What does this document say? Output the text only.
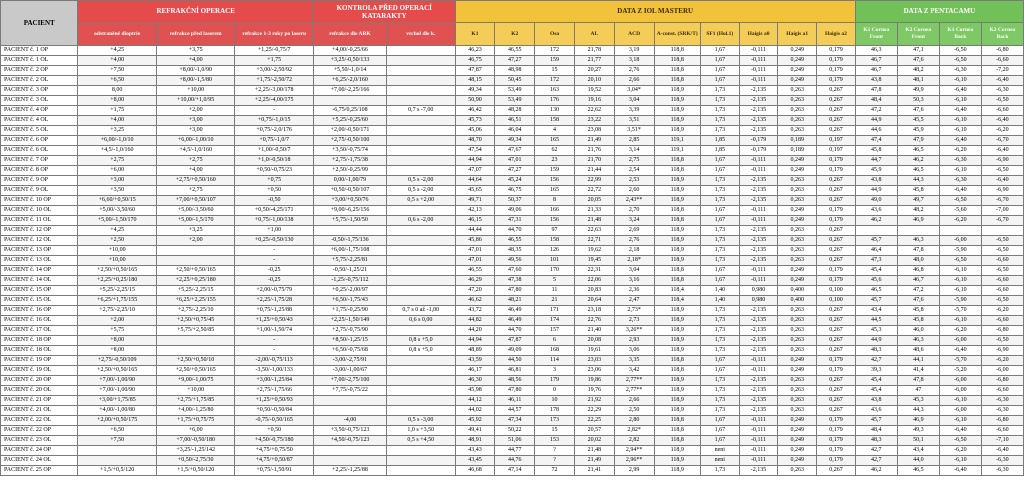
PACIENT	REFRAKČNÍ OPERACE			KONTROLA PŘED OPERACÍ KATARAKTY		DATA Z IOL MASTERU										DATA Z PENTACAMU			
	odstraněné dioptrie	refrakce před laserem	refrakce 1-3 roky po laseru	refrakce dle ARK	vrchol dle k.	K1	K2	Osa	AL	ACD	A-const. (SRK/T)	SF1 (Hol.1)	Haigis a0	Haigis a1	Haigis a2	K1 Cornea Front	K2 Cornea Front	K1 Cornea Back	K2 Cornea Back
PACIENT č. 1 OP	+4,25	+3,75	+1,25/-0,75/7	+4,00/-0,25/66		46,23	46,55	172	21,78	3,19	118,8	1,67	-0,111	0,249	0,179	46,3	47,1	-6,50	-6,80
PACIENT č. 1 OL	+4,00	+4,00	+1,75	+3,25/-0,50/133		46,75	47,27	159	21,77	3,18	118,8	1,67	-0,111	0,249	0,179	46,7	47,6	-6,50	-6,60
PACIENT č. 2 OP	+7,50	+8,00/-1,0/90	+3,00/-2,50/92	+5,50/-1,0/14		47,87	48,98	15	20,27	2,76	118,8	1,67	-0,111	0,249	0,179	46,7	48,2	-6,30	-7,20
PACIENT č. 2 OL	+6,50	+8,00/-1,5/80	+1,75/-2,50/72	+6,25/-2,0/160		48,15	50,45	172	20,10	2,66	118,8	1,67	-0,111	0,249	0,179	43,8	48,1	-6,10	-6,40
PACIENT č. 3 OP	8,00	+10,00	+2,25/-3,00/178	+7,00/-2,25/166		49,34	53,49	163	19,52	3,04*	118,9	1,73	-2,135	0,263	0,267	47,8	49,9	-6,40	-6,30
PACIENT č. 3 OL	+8,00	+10,00/+1,0/95	+2,25/-4,00/175			50,90	53,49	176	19,16	3,04	118,9	1,73	-2,135	0,263	0,267	48,4	50,3	-6,10	-6,50
PACIENT č. 4 OP	+1,75	+2,00	-	-6,75/0,25/108	0,7 s -7,00	46,42	48,28	130	22,62	3,39	118,9	1,73	-2,135	0,263	0,267	47,2	47,6	-6,40	-6,60
PACIENT č. 4 OL	+4,00	+3,00	+0,75/-1,0/15	+5,25/-0,25/60		45,73	46,51	158	23,22	3,51	118,9	1,73	-2,135	0,263	0,267	44,9	45,5	-6,10	-6,40
PACIENT č. 5 OL	+3,25	+3,00	+0,75/-2,0/176	+2,00/-0,50/171		45,06	46,04	4	23,08	3,51*	118,9	1,73	-2,135	0,263	0,267	44,6	45,9	-6,10	-6,20
PACIENT č. 6 OP	+6,00/-1,0/10	+6,00/-1,00/10	+0,75/-1,0/7	+2,75/-0,50/100		48,70	49,34	165	21,49	2,85	119,1	1,85	-0,179	0,189	0,197	47,4	47,9	-6,40	-6,70
PACIENT č. 6 OL	+4,5/-1,0/160	+4,5/-1,0/160	+1,00/-0,50/7	+3,50/-0,75/74		47,54	47,67	62	21,76	3,14	119,1	1,85	-0,179	0,189	0,197	45,8	46,5	-6,20	-6,40
PACIENT č. 7 OP	+2,75	+2,75	+1,0/-0,50/18	+2,75/-1,75/38		44,94	47,01	23	21,70	2,75	118,8	1,67	-0,111	0,249	0,179	44,7	46,2	-6,30	-6,90
PACIENT č. 8 OP	+6,00	+4,00	+0,50/-0,75/23	+2,50/-0,25/99		47,07	47,27	159	21,44	2,54	118,8	1,67	-0,111	0,249	0,179	45,9	46,5	-6,10	-6,50
PACIENT č. 9 OP	+3,00	+2,75/+0,50/160	+0,75	0,00/-1,00/79	0,5 s -2,00	44,64	45,24	156	22,99	2,53	118,9	1,73	-2,135	0,263	0,267	43,8	44,3	-6,30	-6,40
PACIENT č. 9 OL	+3,50	+2,75	+0,50	+0,50/-0,50/107	0,5 s -2,00	45,65	46,75	165	22,72	2,60	118,9	1,73	-2,135	0,263	0,267	44,9	45,8	-6,40	-6,90
PACIENT č. 10 OP	+6,60/+0,50/15	+7,00/+0,50/107	-0,50	+3,00/+0,50/76	0,5 s +2,00	49,71	50,37	8	20,05	2,43**	118,9	1,73	-2,135	0,263	0,267	49,0	49,7	-6,50	-6,70
PACIENT č. 10 OL	+5,00/-3,50/60	+5,00/-3,50/60	+0,50/-4,25/171	+9,00/-6,25/156		42,13	49,06	166	21,33	2,70	118,8	1,67	-0,111	0,249	0,179	43,6	48,2	-5,60	-7,00
PACIENT č. 11 OL	+5,00/-1,50/170	+5,00/-1,5/170	+0,75/-1,00/138	+5,75/-1,50/50	0,6 s -2,00	46,15	47,31	156	21,48	3,24	118,8	1,67	-0,111	0,249	0,179	46,2	46,9	-6,20	-6,70
PACIENT č. 12 OP	+4,25	+3,25	+1,00			44,44	44,70	97	22,63	2,69	118,9	1,73	-2,135	0,263	0,267				
PACIENT č. 12 OL	+2,50	+2,00	+0,25/-0,50/130	-0,50/-1,75/136		45,86	46,55	158	22,71	2,76	118,9	1,73	-2,135	0,263	0,267	45,7	46,3	-6,00	-6,50
PACIENT č. 13 OP	+10,00		-	+6,00/-1,75/108		47,01	48,35	126	19,62	2,18	118,9	1,73	-2,135	0,263	0,267	46,4	47,8	-5,90	-6,50
PACIENT č. 13 OL	+10,00		-	+5,75/-2,25/81		47,01	49,56	101	19,45	2,18*	118,9	1,73	-2,135	0,263	0,267	47,3	48,0	-6,50	-6,60
PACIENT č. 14 OP	+2,50/+0,50/165	+2,50/+0,50/165	-0,25	-0,50/-1,25/21		46,55	47,60	170	22,31	3,04	118,8	1,67	-0,111	0,249	0,179	45,4	46,8	-6,10	-6,50
PACIENT č. 14 OL	+2,25/+0,25/180	+2,25/+0,25/180	-0,25	-1,25/-0,75/112		46,29	47,38	5	22,06	3,16	118,8	1,67	-0,111	0,249	0,179	45,6	46,7	-6,10	-6,60
PACIENT č. 15 OP	+5,25/-2,25/15	+5,25/-2,25/15	+2,00/-0,75/79	+0,25/-2,00/97		47,20	47,80	11	20,83	2,36	118,4	1,40	0,980	0,400	0,100	46,5	47,2	-6,10	-6,60
PACIENT č. 15 OL	+6,25/+1,75/155	+6,25/+2,25/155	+2,25/-1,75/28	+6,50/-1,75/43		46,62	48,21	21	20,64	2,47	118,4	1,40	0,980	0,400	0,100	45,7	47,6	-5,90	-6,50
PACIENT č. 16 OP	+2,75/-2,25/10	+2,75/-2,25/10	+0,75/-1,25/88	+1,75/-0,25/90	0,7 s 0 až -1,00	43,72	46,49	171	23,18	2,73*	118,9	1,73	-2,135	0,263	0,267	43,4	45,8	-5,70	-6,20
PACIENT č. 16 OL	+2,00	+2,50/+0,75/45	+1,25/+0,50/43	+2,25/-1,50/149	0,6 s 0,00	44,82	46,49	174	22,76	2,73	118,9	1,73	-2,135	0,263	0,267	44,5	45,8	-6,10	-6,60
PACIENT č. 17 OL	+5,75	+5,75/+2,50/85	+1,00/-1,50/74	+2,75/-0,75/90		44,20	44,70	157	21,40	3,26**	118,9	1,73	-2,135	0,263	0,267	45,3	46,0	-6,20	-6,80
PACIENT č. 18 OP	+8,00		-	+8,50/-1,25/15	0,8 s +5,0	44,94	47,87	6	20,08	2,93	118,9	1,73	-2,135	0,263	0,267	44,9	46,3	-6,00	-6,50
PACIENT č. 18 OL	+8,00		-	+6,50/-0,75/68	0,8 s +5,0	48,89	49,09	168	19,61	3,06	118,9	1,73	-2,135	0,263	0,267	48,3	48,6	-6,40	-6,90
PACIENT č. 19 OP	+2,75/-0,50/109	+2,50/+0,50/10	-2,00/-0,75/113	-3,00/-2,75/91		43,59	44,50	114	23,03	3,35	118,8	1,67	-0,111	0,249	0,179	42,7	44,1	-5,70	-6,20
PACIENT č. 19 OL	+2,50/+0,50/165	+2,50/+0,50/165	-3,50/-1,00/133	-3,00/-1,00/67		46,17	46,81	3	23,06	3,42	118,8	1,67	-0,111	0,249	0,179	39,3	41,4	-5,20	-6,00
PACIENT č. 20 OP	+7,00/-1,00/90	+9,00/-1,00/75	+3,00/-1,25/84	+7,00/-2,75/100		46,30	48,56	179	19,86	2,77**	118,9	1,73	-2,135	0,263	0,267	45,4	47,8	-6,00	-6,80
PACIENT č. 20 OL	+7,00/-1,00/90	+10,00	+2,75/-1,75/66	+7,75/-0,75/22		45,98	47,80	0	19,76	2,77**	118,9	1,73	-2,135	0,263	0,267	45,4	47	-6,00	-6,60
PACIENT č. 21 OP	+3,00/+1,75/85	+2,75/+1,75/85	+1,25/+0,50/93			44,12	46,11	10	21,92	2,66	118,9	1,73	-2,135	0,263	0,267	43,8	45,3	-6,10	-6,30
PACIENT č. 21 OL	+4,00/-1,00/80	+4,00/-1,25/80	+0,50/-0,50/84			44,02	44,57	178	22,29	2,50	118,9	1,73	-2,135	0,263	0,267	43,6	44,3	-6,00	-6,30
PACIENT č. 22 OL	+2,00/+0,50/175	+1,75/+0,75/75	-0,75/-0,50/165	-4,00	0,5 s -3,00	45,92	47,34	173	22,25	2,80	118,8	1,67	-0,111	0,249	0,179	45,7	46,9	-6,10	-6,80
PACIENT č. 22 OP	+6,50	+6,00	+0,50	+3,50/-0,75/123	1,0 s +3,50	49,41	50,22	15	20,57	2,82*	118,8	1,67	-0,111	0,249	0,179	48,4	49,3	-6,40	-6,60
PACIENT č. 23 OL	+7,50	+7,00/-0,50/180	+4,50/-0,75/180	+4,50/-0,75/123	0,5 s +4,50	48,91	51,06	153	20,02	2,82	118,8	1,67	-0,111	0,249	0,179	48,3	50,1	-6,50	-7,10
PACIENT č. 24 OP		+3,25/-1,25/142	+4,75/+0,75/50			43,43	44,77	?	21,48	2,94**	118,9	neni	-0,111	0,249	0,179	42,7	43,4	-6,20	-6,40
PACIENT č. 24 OL		+0,50/-2,75/30	+4,75/+0,50/87			43,45	44,76	?	21,49	2,96**	118,9	neni	-0,111	0,249	0,179	42,7	44,0	-6,10	-6,30
PACIENT č. 25 OP	+1,5/+0,5/120	+1,5/+0,50/120	+0,75/-1,50/91	+2,25/-1,25/88		46,68	47,14	72	21,41	2,99	118,9	1,73	-2,135	0,263	0,267	46,2	46,5	-6,40	-6,30
